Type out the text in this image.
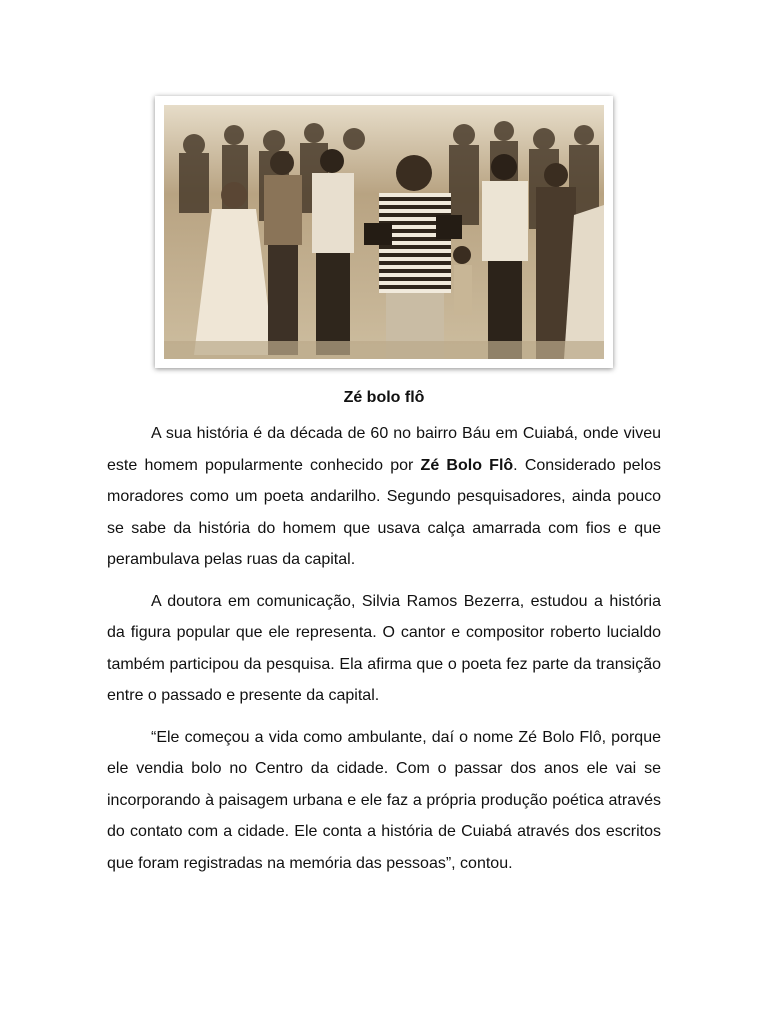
Zé bolo flô

A sua história é da década de 60 no bairro Báu em Cuiabá, onde viveu este homem popularmente conhecido por Zé Bolo Flô. Considerado pelos moradores como um poeta andarilho. Segundo pesquisadores, ainda pouco se sabe da história do homem que usava calça amarrada com fios e que perambulava pelas ruas da capital.

A doutora em comunicação, Silvia Ramos Bezerra, estudou a história da figura popular que ele representa. O cantor e compositor roberto lucialdo também participou da pesquisa. Ela afirma que o poeta fez parte da transição entre o passado e presente da capital.

“Ele começou a vida como ambulante, daí o nome Zé Bolo Flô, porque ele vendia bolo no Centro da cidade. Com o passar dos anos ele vai se incorporando à paisagem urbana e ele faz a própria produção poética através do contato com a cidade. Ele conta a história de Cuiabá através dos escritos que foram registradas na memória das pessoas”, contou.
